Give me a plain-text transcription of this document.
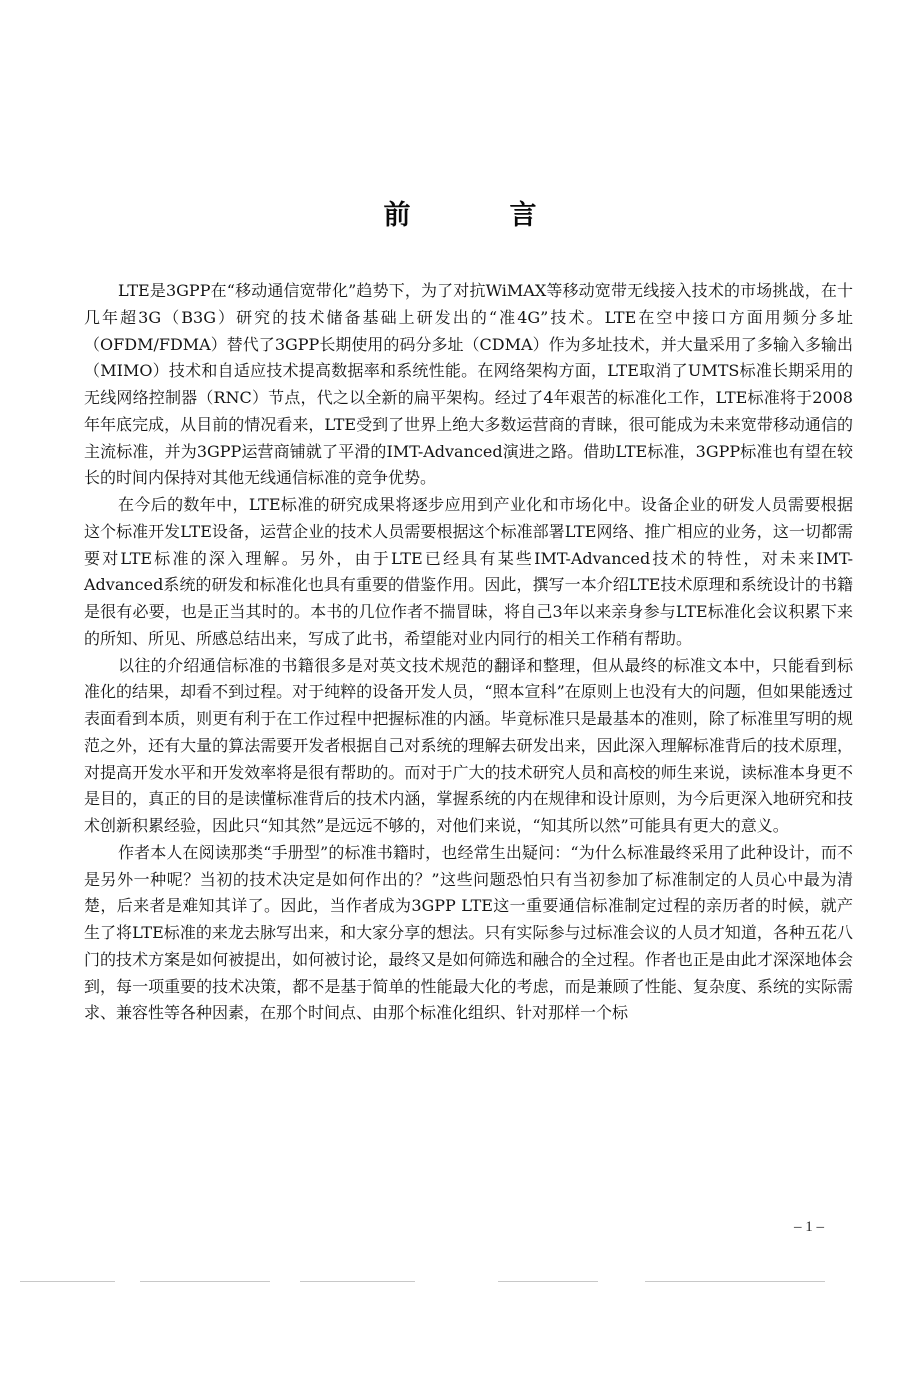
前　言

LTE是3GPP在“移动通信宽带化”趋势下，为了对抗WiMAX等移动宽带无线接入技术的市场挑战，在十几年超3G（B3G）研究的技术储备基础上研发出的“准4G”技术。LTE在空中接口方面用频分多址（OFDM/FDMA）替代了3GPP长期使用的码分多址（CDMA）作为多址技术，并大量采用了多输入多输出（MIMO）技术和自适应技术提高数据率和系统性能。在网络架构方面，LTE取消了UMTS标准长期采用的无线网络控制器（RNC）节点，代之以全新的扁平架构。经过了4年艰苦的标准化工作，LTE标准将于2008年年底完成，从目前的情况看来，LTE受到了世界上绝大多数运营商的青睐，很可能成为未来宽带移动通信的主流标准，并为3GPP运营商铺就了平滑的IMT-Advanced演进之路。借助LTE标准，3GPP标准也有望在较长的时间内保持对其他无线通信标准的竞争优势。

在今后的数年中，LTE标准的研究成果将逐步应用到产业化和市场化中。设备企业的研发人员需要根据这个标准开发LTE设备，运营企业的技术人员需要根据这个标准部署LTE网络、推广相应的业务，这一切都需要对LTE标准的深入理解。另外，由于LTE已经具有某些IMT-Advanced技术的特性，对未来IMT-Advanced系统的研发和标准化也具有重要的借鉴作用。因此，撰写一本介绍LTE技术原理和系统设计的书籍是很有必要，也是正当其时的。本书的几位作者不揣冒昧，将自己3年以来亲身参与LTE标准化会议积累下来的所知、所见、所感总结出来，写成了此书，希望能对业内同行的相关工作稍有帮助。

以往的介绍通信标准的书籍很多是对英文技术规范的翻译和整理，但从最终的标准文本中，只能看到标准化的结果，却看不到过程。对于纯粹的设备开发人员，“照本宣科”在原则上也没有大的问题，但如果能透过表面看到本质，则更有利于在工作过程中把握标准的内涵。毕竟标准只是最基本的准则，除了标准里写明的规范之外，还有大量的算法需要开发者根据自己对系统的理解去研发出来，因此深入理解标准背后的技术原理，对提高开发水平和开发效率将是很有帮助的。而对于广大的技术研究人员和高校的师生来说，读标准本身更不是目的，真正的目的是读懂标准背后的技术内涵，掌握系统的内在规律和设计原则，为今后更深入地研究和技术创新积累经验，因此只“知其然”是远远不够的，对他们来说，“知其所以然”可能具有更大的意义。

作者本人在阅读那类“手册型”的标准书籍时，也经常生出疑问：“为什么标准最终采用了此种设计，而不是另外一种呢？当初的技术决定是如何作出的？”这些问题恐怕只有当初参加了标准制定的人员心中最为清楚，后来者是难知其详了。因此，当作者成为3GPP LTE这一重要通信标准制定过程的亲历者的时候，就产生了将LTE标准的来龙去脉写出来，和大家分享的想法。只有实际参与过标准会议的人员才知道，各种五花八门的技术方案是如何被提出，如何被讨论，最终又是如何筛选和融合的全过程。作者也正是由此才深深地体会到，每一项重要的技术决策，都不是基于简单的性能最大化的考虑，而是兼顾了性能、复杂度、系统的实际需求、兼容性等各种因素，在那个时间点、由那个标准化组织、针对那样一个标

– 1 –
